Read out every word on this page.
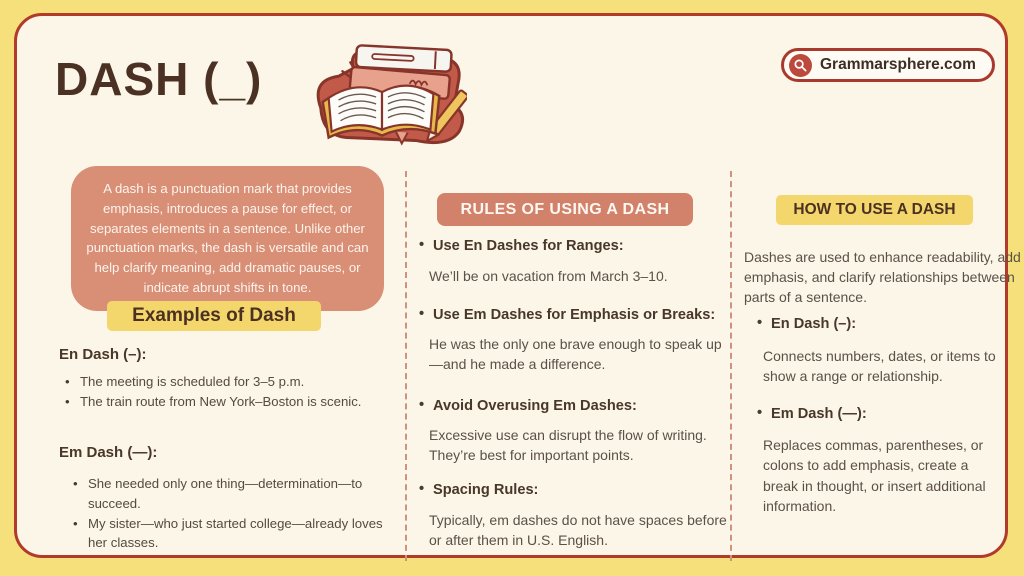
DASH (_)	Grammarsphere.com
A dash is a punctuation mark that provides emphasis, introduces a pause for effect, or separates elements in a sentence. Unlike other punctuation marks, the dash is versatile and can help clarify meaning, add dramatic pauses, or indicate abrupt shifts in tone.
Examples of Dash
En Dash (–):
• The meeting is scheduled for 3–5 p.m.
• The train route from New York–Boston is scenic.
Em Dash (—):
• She needed only one thing—determination—to succeed.
• My sister—who just started college—already loves her classes.
RULES OF USING A DASH
• Use En Dashes for Ranges:
We’ll be on vacation from March 3–10.
• Use Em Dashes for Emphasis or Breaks:
He was the only one brave enough to speak up—and he made a difference.
• Avoid Overusing Em Dashes:
Excessive use can disrupt the flow of writing. They’re best for important points.
• Spacing Rules:
Typically, em dashes do not have spaces before or after them in U.S. English.
HOW TO USE A DASH
Dashes are used to enhance readability, add emphasis, and clarify relationships between parts of a sentence.
• En Dash (–):
Connects numbers, dates, or items to show a range or relationship.
• Em Dash (—):
Replaces commas, parentheses, or colons to add emphasis, create a break in thought, or insert additional information.
